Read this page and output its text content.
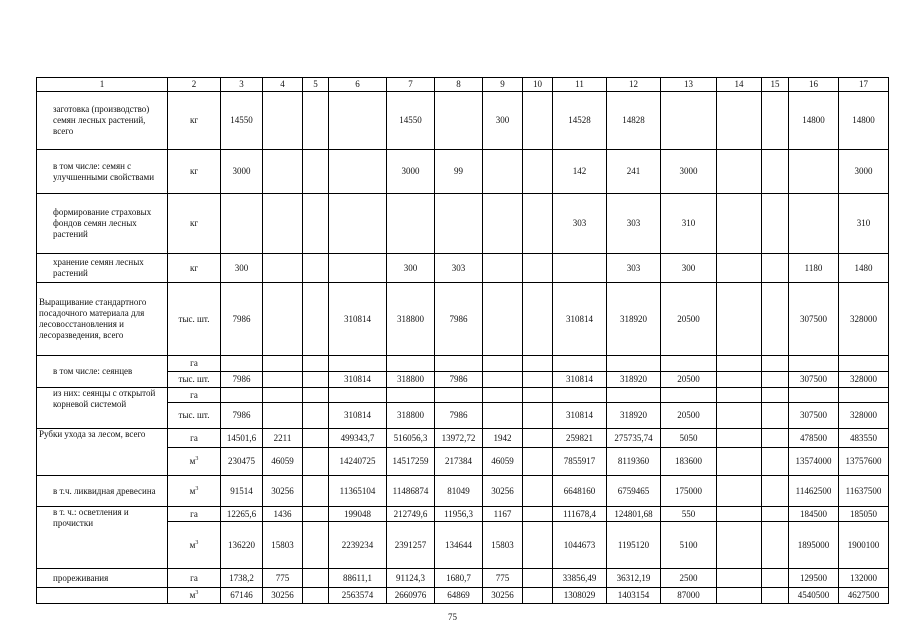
1	2	3	4	5	6	7	8	9	10	11	12	13	14	15	16	17
заготовка (производство) семян лесных растений, всего	кг	14550				14550		300		14528	14828				14800	14800
в том числе: семян с улучшенными свойствами	кг	3000				3000	99			142	241	3000				3000
формирование страховых фондов семян лесных растений	кг									303	303	310				310
хранение семян лесных растений	кг	300				300	303				303	300			1180	1480
Выращивание стандартного посадочного материала для лесовосстановления и лесоразведения, всего	тыс. шт.	7986			310814	318800	7986			310814	318920	20500			307500	328000
в том числе: сеянцев	га															
	тыс. шт.	7986			310814	318800	7986			310814	318920	20500			307500	328000
из них: сеянцы с открытой корневой системой	га															
	тыс. шт.	7986			310814	318800	7986			310814	318920	20500			307500	328000
Рубки ухода за лесом, всего	га	14501,6	2211		499343,7	516056,3	13972,72	1942		259821	275735,74	5050			478500	483550
	$м^3$	230475	46059		14240725	14517259	217384	46059		7855917	8119360	183600			13574000	13757600
в т.ч. ликвидная древесина	$м^3$	91514	30256		11365104	11486874	81049	30256		6648160	6759465	175000			11462500	11637500
в т. ч.: осветления и прочистки	га	12265,6	1436		199048	212749,6	11956,3	1167		111678,4	124801,68	550			184500	185050
	$м^3$	136220	15803		2239234	2391257	134644	15803		1044673	1195120	5100			1895000	1900100
прореживания	га	1738,2	775		88611,1	91124,3	1680,7	775		33856,49	36312,19	2500			129500	132000
	$м^3$	67146	30256		2563574	2660976	64869	30256		1308029	1403154	87000			4540500	4627500
75
